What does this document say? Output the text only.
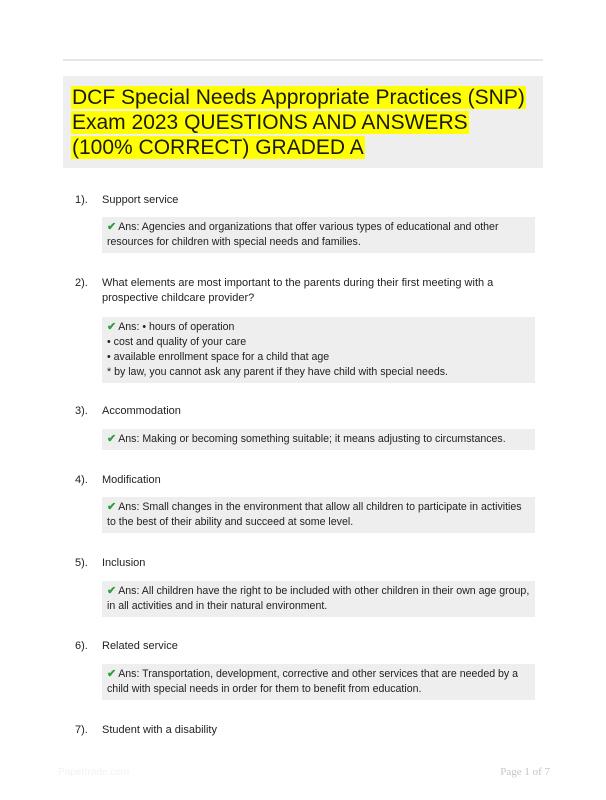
DCF Special Needs Appropriate Practices (SNP) Exam 2023 QUESTIONS AND ANSWERS (100% CORRECT) GRADED A
1). Support service

✔ Ans: Agencies and organizations that offer various types of educational and other resources for children with special needs and families.
2). What elements are most important to the parents during their first meeting with a prospective childcare provider?

✔ Ans: • hours of operation
• cost and quality of your care
• available enrollment space for a child that age
* by law, you cannot ask any parent if they have child with special needs.
3). Accommodation

✔ Ans: Making or becoming something suitable; it means adjusting to circumstances.
4). Modification

✔ Ans: Small changes in the environment that allow all children to participate in activities to the best of their ability and succeed at some level.
5). Inclusion

✔ Ans: All children have the right to be included with other children in their own age group, in all activities and in their natural environment.
6). Related service

✔ Ans: Transportation, development, corrective and other services that are needed by a child with special needs in order for them to benefit from education.
7). Student with a disability

Papertrade.com	Page 1 of 7
